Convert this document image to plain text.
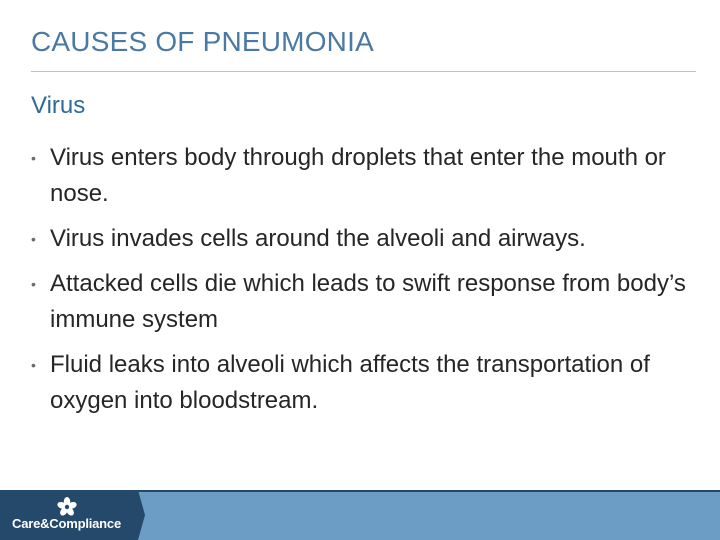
CAUSES OF PNEUMONIA
Virus
• Virus enters body through droplets that enter the mouth or nose.
• Virus invades cells around the alveoli and airways.
• Attacked cells die which leads to swift response from body’s immune system
• Fluid leaks into alveoli which affects the transportation of oxygen into bloodstream.
Care&Compliance
